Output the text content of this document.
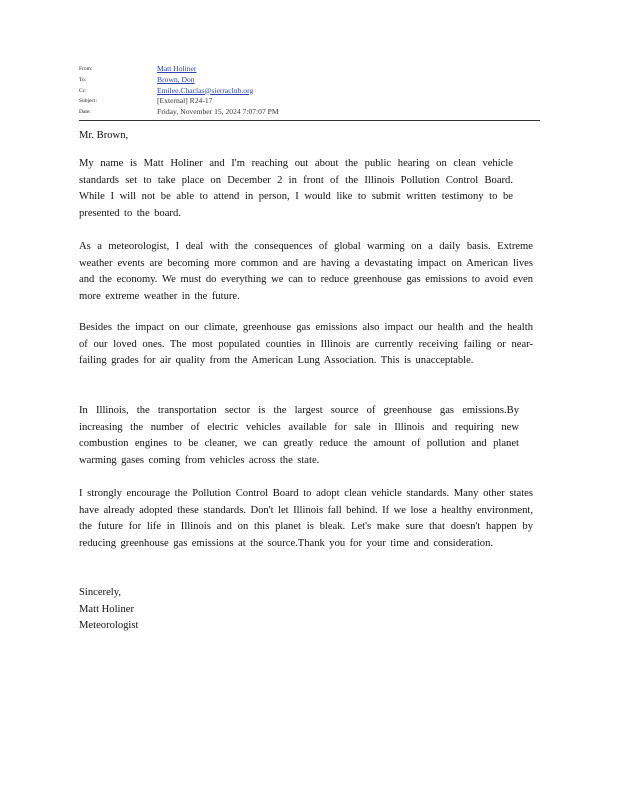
From:	Matt Holiner
To:	Brown, Don
Cc:	Emilee.Chaclas@sierraclub.org
Subject:	[External] R24-17
Date:	Friday, November 15, 2024 7:07:07 PM
Mr. Brown,

My name is Matt Holiner and I'm reaching out about the public hearing on clean vehicle standards set to take place on December 2 in front of the Illinois Pollution Control Board. While I will not be able to attend in person, I would like to submit written testimony to be presented to the board.

As a meteorologist, I deal with the consequences of global warming on a daily basis. Extreme weather events are becoming more common and are having a devastating impact on American lives and the economy. We must do everything we can to reduce greenhouse gas emissions to avoid even more extreme weather in the future.

Besides the impact on our climate, greenhouse gas emissions also impact our health and the health of our loved ones. The most populated counties in Illinois are currently receiving failing or near-failing grades for air quality from the American Lung Association. This is unacceptable.

In Illinois, the transportation sector is the largest source of greenhouse gas emissions.By increasing the number of electric vehicles available for sale in Illinois and requiring new combustion engines to be cleaner, we can greatly reduce the amount of pollution and planet warming gases coming from vehicles across the state.

I strongly encourage the Pollution Control Board to adopt clean vehicle standards. Many other states have already adopted these standards. Don't let Illinois fall behind. If we lose a healthy environment, the future for life in Illinois and on this planet is bleak. Let's make sure that doesn't happen by reducing greenhouse gas emissions at the source.Thank you for your time and consideration.

Sincerely,
Matt Holiner
Meteorologist
